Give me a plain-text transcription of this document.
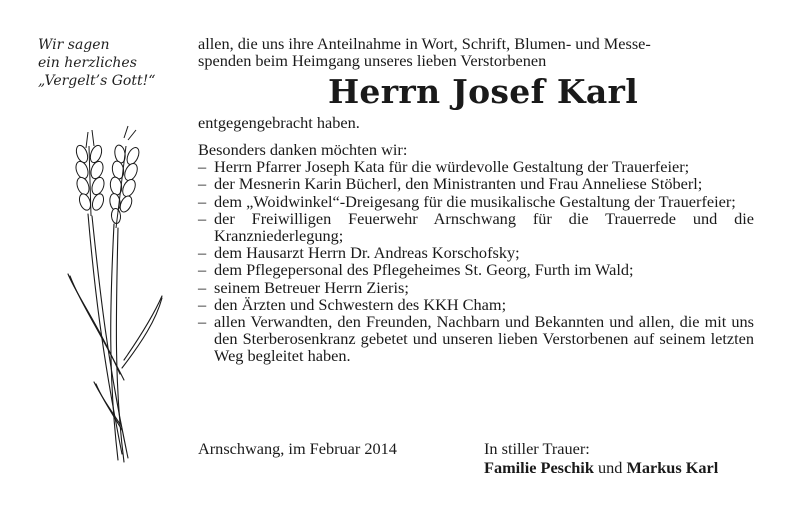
Wir sagen
ein herzliches
„Vergelt’s Gott!“

allen, die uns ihre Anteilnahme in Wort, Schrift, Blumen- und Messe-
spenden beim Heimgang unseres lieben Verstorbenen

Herrn Josef Karl

entgegengebracht haben.

Besonders danken möchten wir:

– Herrn Pfarrer Joseph Kata für die würdevolle Gestaltung der Trauerfeier;
– der Mesnerin Karin Bücherl, den Ministranten und Frau Anneliese Stöberl;
– dem „Woidwinkel“-Dreigesang für die musikalische Gestaltung der Trauerfeier;
– der Freiwilligen Feuerwehr Arnschwang für die Trauerrede und die Kranzniederlegung;
– dem Hausarzt Herrn Dr. Andreas Korschofsky;
– dem Pflegepersonal des Pflegeheimes St. Georg, Furth im Wald;
– seinem Betreuer Herrn Zieris;
– den Ärzten und Schwestern des KKH Cham;
– allen Verwandten, den Freunden, Nachbarn und Bekannten und allen, die mit uns den Sterberosenkranz gebetet und unseren lieben Verstorbenen auf seinem letzten Weg begleitet haben.
Arnschwang, im Februar 2014	In stiller Trauer:
Familie Peschik und Markus Karl
